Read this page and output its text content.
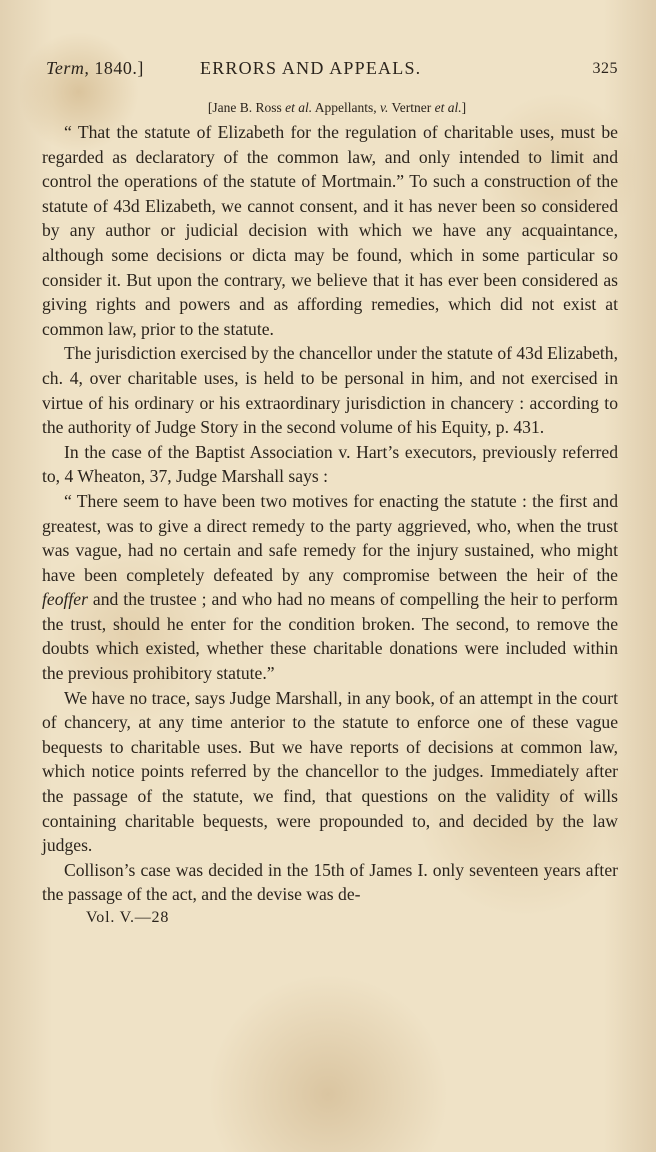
Term, 1840.]	ERRORS AND APPEALS.	325
[Jane B. Ross et al. Appellants, v. Vertner et al.]

“ That the statute of Elizabeth for the regulation of charitable uses, must be regarded as declaratory of the common law, and only intended to limit and control the operations of the statute of Mortmain.” To such a construction of the statute of 43d Elizabeth, we cannot consent, and it has never been so considered by any author or judicial decision with which we have any acquaintance, although some decisions or dicta may be found, which in some particular so consider it. But upon the contrary, we believe that it has ever been considered as giving rights and powers and as affording remedies, which did not exist at common law, prior to the statute.

The jurisdiction exercised by the chancellor under the statute of 43d Elizabeth, ch. 4, over charitable uses, is held to be personal in him, and not exercised in virtue of his ordinary or his extraordinary jurisdiction in chancery : according to the authority of Judge Story in the second volume of his Equity, p. 431.

In the case of the Baptist Association v. Hart’s executors, previously referred to, 4 Wheaton, 37, Judge Marshall says :

“ There seem to have been two motives for enacting the statute : the first and greatest, was to give a direct remedy to the party aggrieved, who, when the trust was vague, had no certain and safe remedy for the injury sustained, who might have been completely defeated by any compromise between the heir of the feoffer and the trustee ; and who had no means of compelling the heir to perform the trust, should he enter for the condition broken. The second, to remove the doubts which existed, whether these charitable donations were included within the previous prohibitory statute.”

We have no trace, says Judge Marshall, in any book, of an attempt in the court of chancery, at any time anterior to the statute to enforce one of these vague bequests to charitable uses. But we have reports of decisions at common law, which notice points referred by the chancellor to the judges. Immediately after the passage of the statute, we find, that questions on the validity of wills containing charitable bequests, were propounded to, and decided by the law judges.

Collison’s case was decided in the 15th of James I. only seventeen years after the passage of the act, and the devise was de-

Vol. V.—28
